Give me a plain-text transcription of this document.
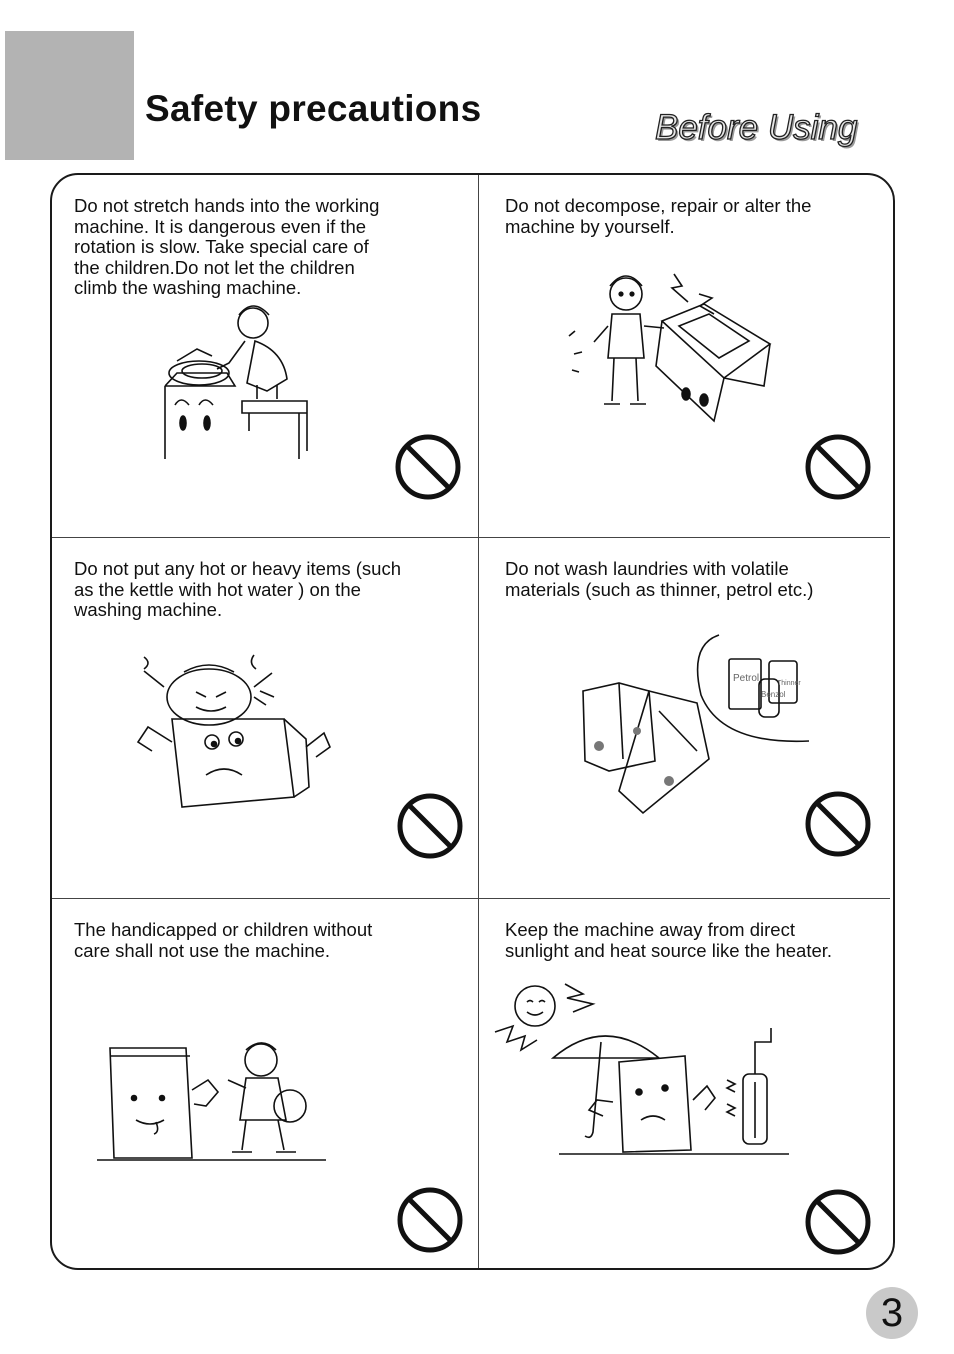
Safety precautions	Before Using

Do not stretch hands into the working
machine. It is dangerous even if the
rotation is slow. Take special care of
the children.Do not let the children
climb the washing machine.

Do not decompose, repair or alter the
machine by yourself.

Do not put any hot or heavy items (such
as the kettle with hot water ) on the
washing machine.

Do not wash laundries with volatile
materials (such as thinner, petrol etc.)

Petrol
Benzol
Thinner

The handicapped or children without
care shall not use the machine.

Keep the machine away from direct
sunlight and heat source like the heater.

3
